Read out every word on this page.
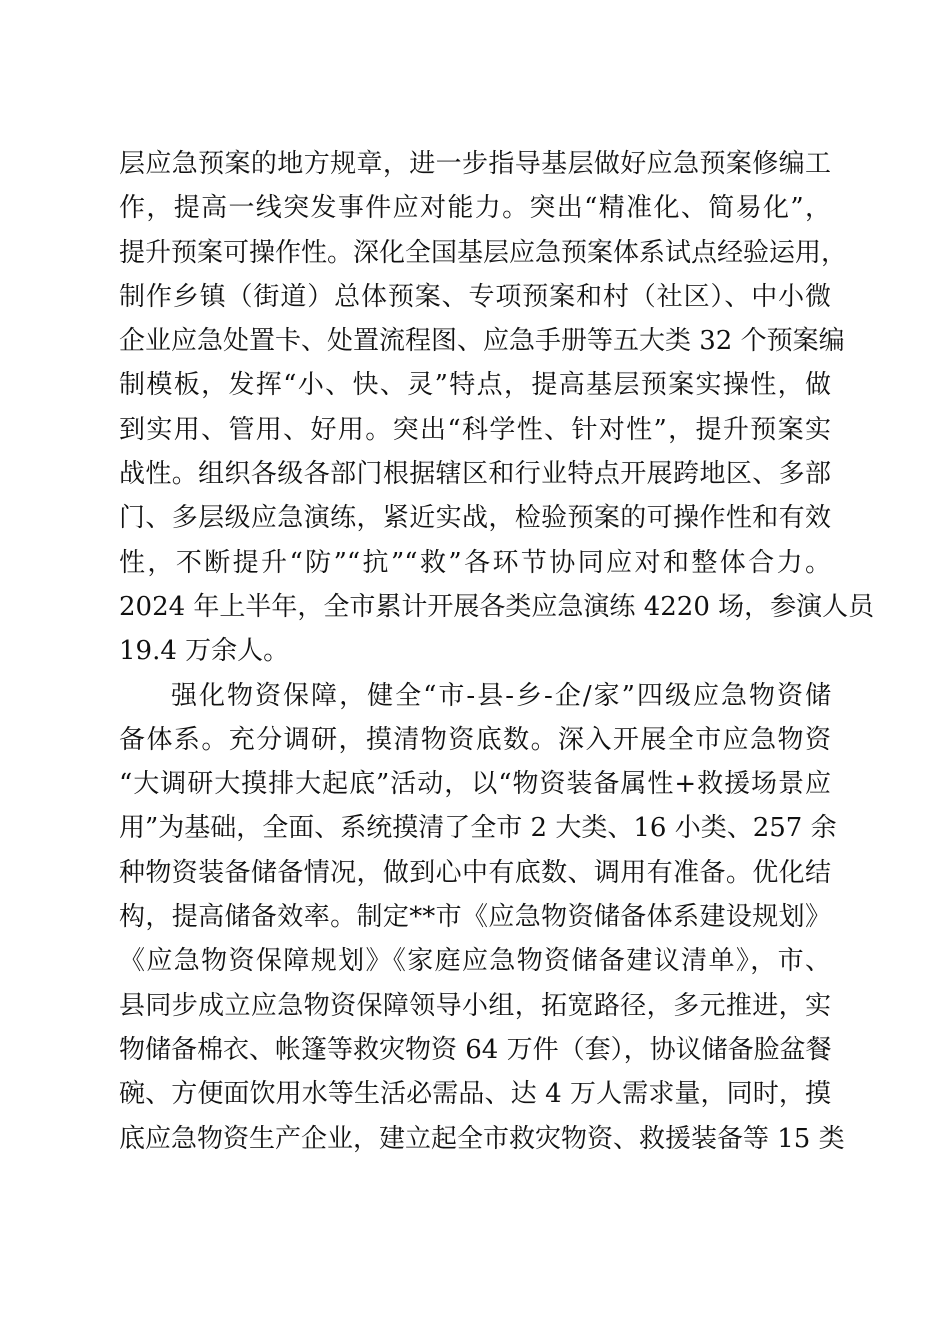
层应急预案的地方规章，进一步指导基层做好应急预案修编工
作，提高一线突发事件应对能力。突出“精准化、简易化”，
提升预案可操作性。深化全国基层应急预案体系试点经验运用，
制作乡镇（街道）总体预案、专项预案和村（社区）、中小微
企业应急处置卡、处置流程图、应急手册等五大类 32 个预案编
制模板，发挥“小、快、灵”特点，提高基层预案实操性，做
到实用、管用、好用。突出“科学性、针对性”，提升预案实
战性。组织各级各部门根据辖区和行业特点开展跨地区、多部
门、多层级应急演练，紧近实战，检验预案的可操作性和有效
性，不断提升“防”“抗”“救”各环节协同应对和整体合力。
2024 年上半年，全市累计开展各类应急演练 4220 场，参演人员
19.4 万余人。
强化物资保障，健全“市-县-乡-企/家”四级应急物资储
备体系。充分调研，摸清物资底数。深入开展全市应急物资
“大调研大摸排大起底”活动，以“物资装备属性+救援场景应
用”为基础，全面、系统摸清了全市 2 大类、16 小类、257 余
种物资装备储备情况，做到心中有底数、调用有准备。优化结
构，提高储备效率。制定**市《应急物资储备体系建设规划》
《应急物资保障规划》《家庭应急物资储备建议清单》，市、
县同步成立应急物资保障领导小组，拓宽路径，多元推进，实
物储备棉衣、帐篷等救灾物资 64 万件（套），协议储备脸盆餐
碗、方便面饮用水等生活必需品、达 4 万人需求量，同时，摸
底应急物资生产企业，建立起全市救灾物资、救援装备等 15 类
